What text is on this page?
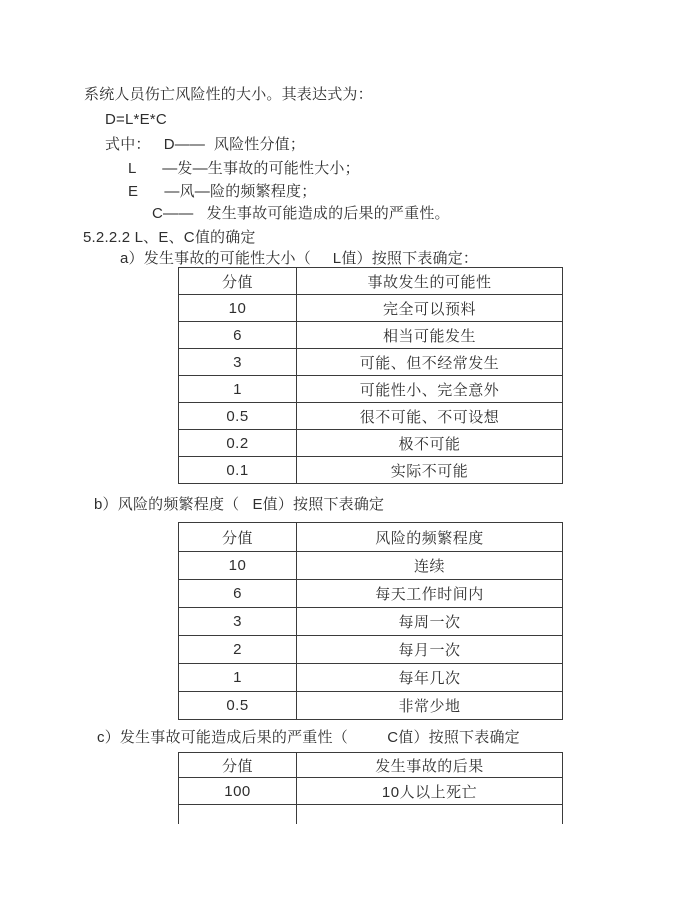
系统人员伤亡风险性的大小。其表达式为：
D=L*E*C
式中：   D——  风险性分值；
L      —发—生事故的可能性大小；
E      —风—险的频繁程度；
C——   发生事故可能造成的后果的严重性。
5.2.2.2 L、E、C值的确定
a）发生事故的可能性大小（     L值）按照下表确定：
分值	事故发生的可能性
10	完全可以预料
6	相当可能发生
3	可能、但不经常发生
1	可能性小、完全意外
0.5	很不可能、不可设想
0.2	极不可能
0.1	实际不可能
b）风险的频繁程度（   E值）按照下表确定
分值	风险的频繁程度
10	连续
6	每天工作时间内
3	每周一次
2	每月一次
1	每年几次
0.5	非常少地
c）发生事故可能造成后果的严重性（         C值）按照下表确定
分值	发生事故的后果
100	10人以上死亡
